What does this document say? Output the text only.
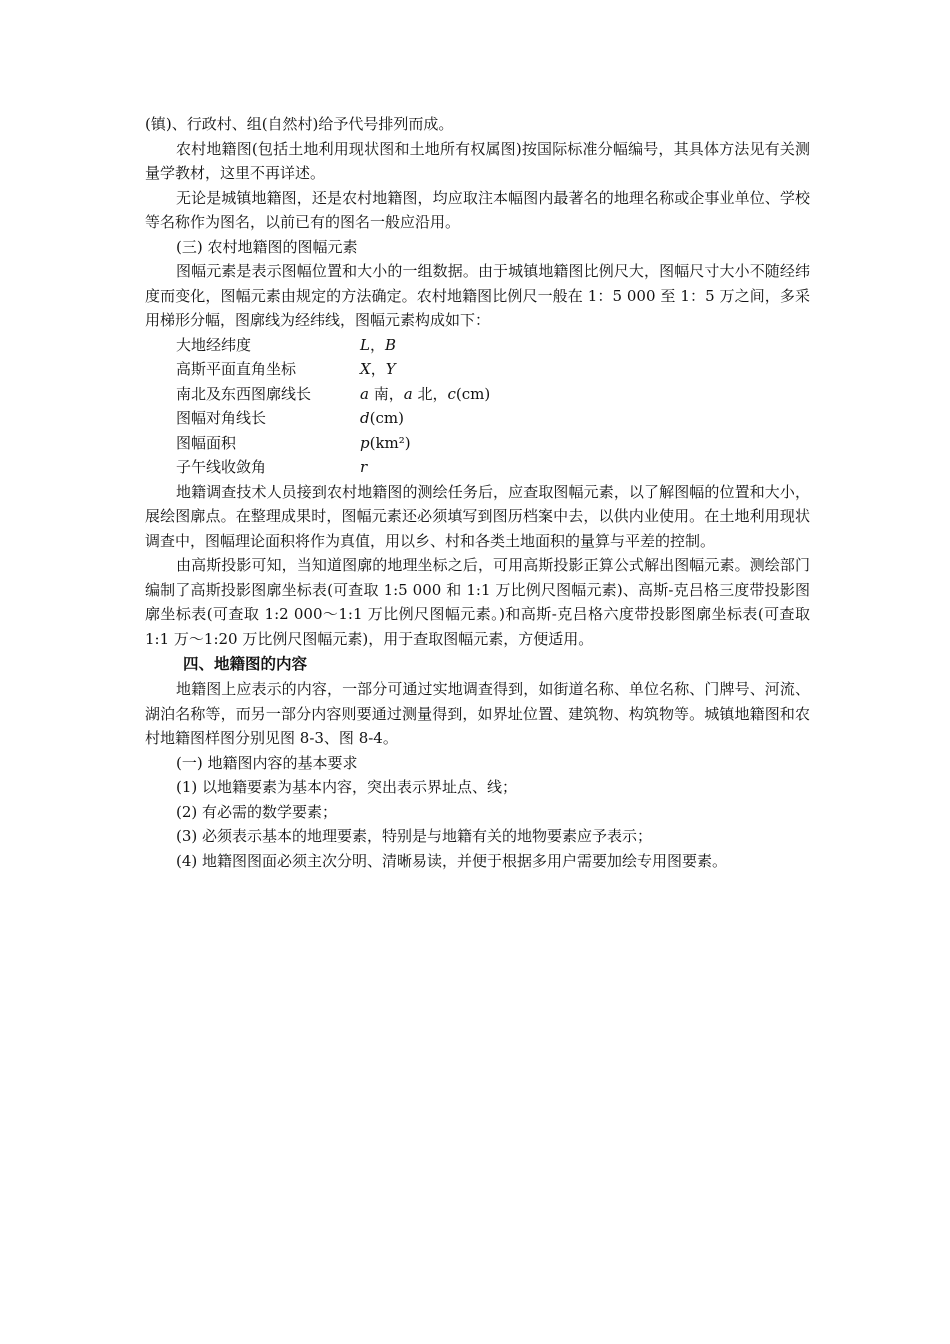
(镇)、行政村、组(自然村)给予代号排列而成。

农村地籍图(包括土地利用现状图和土地所有权属图)按国际标准分幅编号，其具体方法见有关测量学教材，这里不再详述。

无论是城镇地籍图，还是农村地籍图，均应取注本幅图内最著名的地理名称或企事业单位、学校等名称作为图名，以前已有的图名一般应沿用。

(三) 农村地籍图的图幅元素

图幅元素是表示图幅位置和大小的一组数据。由于城镇地籍图比例尺大，图幅尺寸大小不随经纬度而变化，图幅元素由规定的方法确定。农村地籍图比例尺一般在 1：5 000 至 1：5 万之间，多采用梯形分幅，图廓线为经纬线，图幅元素构成如下：

大地经纬度	L，B
高斯平面直角坐标	X，Y
南北及东西图廓线长	a 南，a 北，c(cm)
图幅对角线长	d(cm)
图幅面积	p(km²)
子午线收敛角	r

地籍调查技术人员接到农村地籍图的测绘任务后，应查取图幅元素，以了解图幅的位置和大小，展绘图廓点。在整理成果时，图幅元素还必须填写到图历档案中去，以供内业使用。在土地利用现状调查中，图幅理论面积将作为真值，用以乡、村和各类土地面积的量算与平差的控制。

由高斯投影可知，当知道图廓的地理坐标之后，可用高斯投影正算公式解出图幅元素。测绘部门编制了高斯投影图廓坐标表(可查取 1:5 000 和 1:1 万比例尺图幅元素)、高斯-克吕格三度带投影图廓坐标表(可查取 1:2 000～1:1 万比例尺图幅元素。)和高斯-克吕格六度带投影图廓坐标表(可查取 1:1 万～1:20 万比例尺图幅元素)，用于查取图幅元素，方便适用。

四、地籍图的内容

地籍图上应表示的内容，一部分可通过实地调查得到，如街道名称、单位名称、门牌号、河流、湖泊名称等，而另一部分内容则要通过测量得到，如界址位置、建筑物、构筑物等。城镇地籍图和农村地籍图样图分别见图 8-3、图 8-4。

(一) 地籍图内容的基本要求

(1) 以地籍要素为基本内容，突出表示界址点、线；

(2) 有必需的数学要素；

(3) 必须表示基本的地理要素，特别是与地籍有关的地物要素应予表示；

(4) 地籍图图面必须主次分明、清晰易读，并便于根据多用户需要加绘专用图要素。
